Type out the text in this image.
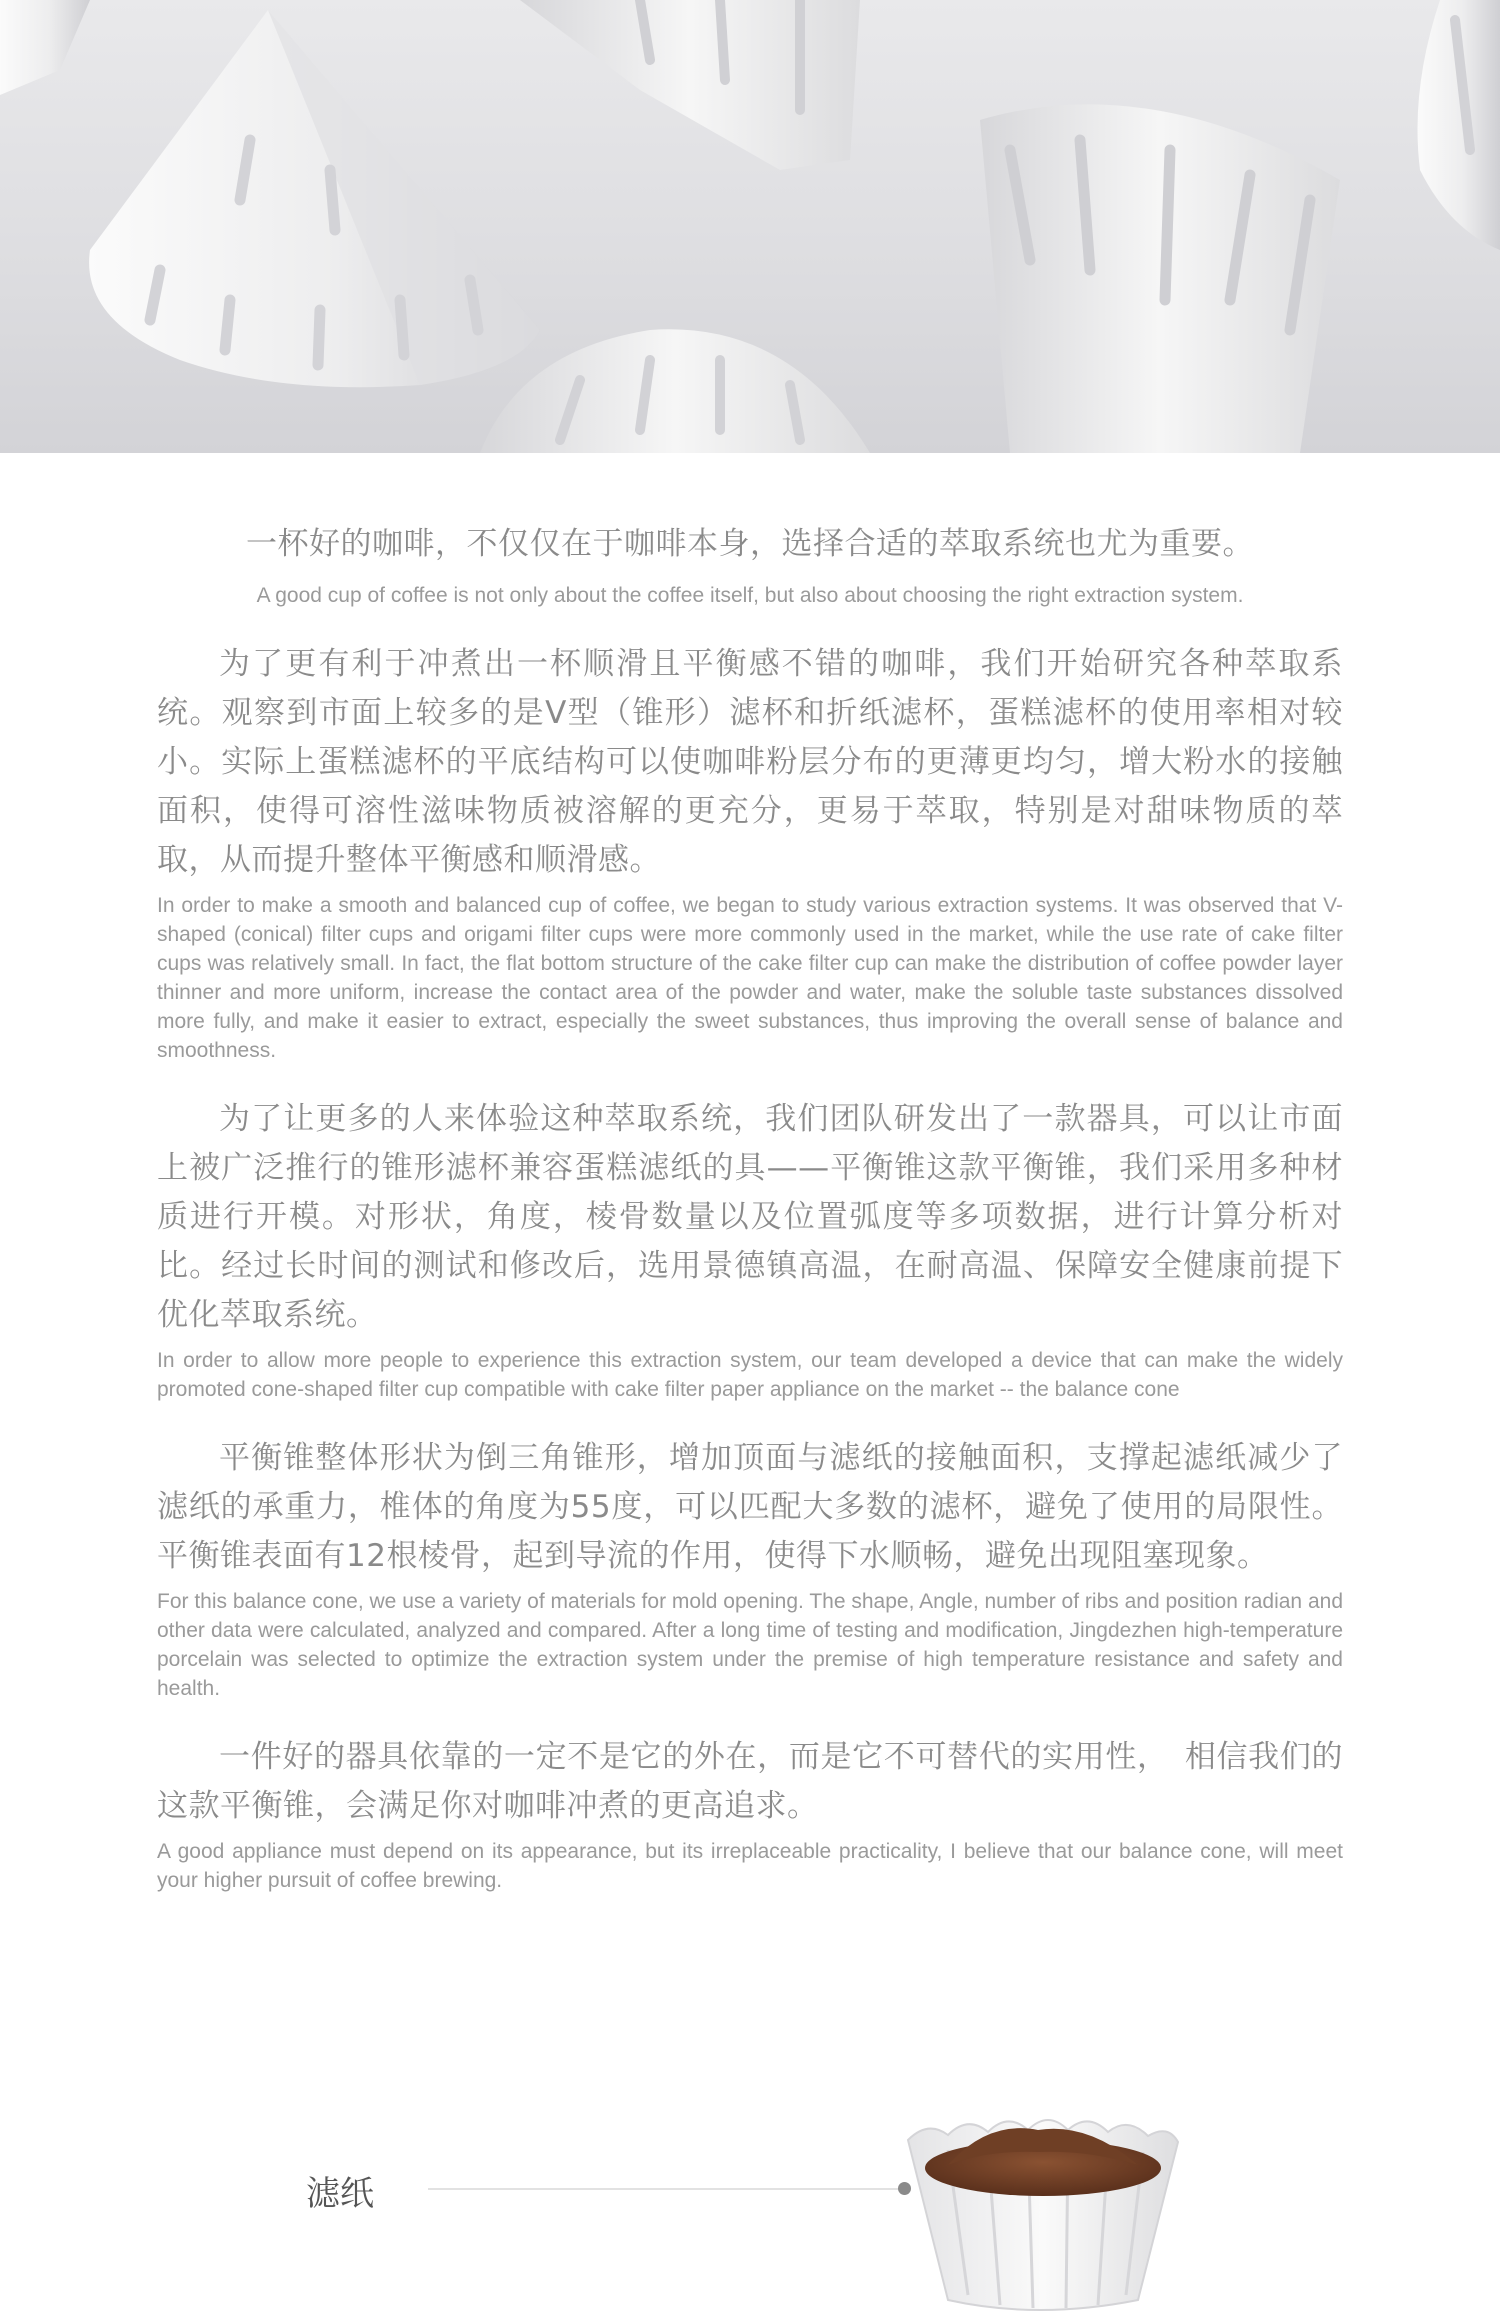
一杯好的咖啡，不仅仅在于咖啡本身，选择合适的萃取系统也尤为重要。

A good cup of coffee is not only about the coffee itself, but also about choosing the right extraction system.

为了更有利于冲煮出一杯顺滑且平衡感不错的咖啡，我们开始研究各种萃取系统。观察到市面上较多的是V型（锥形）滤杯和折纸滤杯，蛋糕滤杯的使用率相对较小。实际上蛋糕滤杯的平底结构可以使咖啡粉层分布的更薄更均匀，增大粉水的接触面积，使得可溶性滋味物质被溶解的更充分，更易于萃取，特别是对甜味物质的萃取，从而提升整体平衡感和顺滑感。

In order to make a smooth and balanced cup of coffee, we began to study various extraction systems. It was observed that V-shaped (conical) filter cups and origami filter cups were more commonly used in the market, while the use rate of cake filter cups was relatively small. In fact, the flat bottom structure of the cake filter cup can make the distribution of coffee powder layer thinner and more uniform, increase the contact area of the powder and water, make the soluble taste substances dissolved more fully, and make it easier to extract, especially the sweet substances, thus improving the overall sense of balance and smoothness.

为了让更多的人来体验这种萃取系统，我们团队研发出了一款器具，可以让市面上被广泛推行的锥形滤杯兼容蛋糕滤纸的具——平衡锥这款平衡锥，我们采用多种材质进行开模。对形状，角度，棱骨数量以及位置弧度等多项数据，进行计算分析对比。经过长时间的测试和修改后，选用景德镇高温，在耐高温、保障安全健康前提下优化萃取系统。

In order to allow more people to experience this extraction system, our team developed a device that can make the widely promoted cone-shaped filter cup compatible with cake filter paper appliance on the market -- the balance cone

平衡锥整体形状为倒三角锥形，增加顶面与滤纸的接触面积，支撑起滤纸减少了滤纸的承重力，椎体的角度为55度，可以匹配大多数的滤杯，避免了使用的局限性。平衡锥表面有12根棱骨，起到导流的作用，使得下水顺畅，避免出现阻塞现象。

For this balance cone, we use a variety of materials for mold opening. The shape, Angle, number of ribs and position radian and other data were calculated, analyzed and compared. After a long time of testing and modification, Jingdezhen high-temperature porcelain was selected to optimize the extraction system under the premise of high temperature resistance and safety and health.

一件好的器具依靠的一定不是它的外在，而是它不可替代的实用性，　相信我们的这款平衡锥，会满足你对咖啡冲煮的更高追求。

A good appliance must depend on its appearance, but its irreplaceable practicality, I believe that our balance cone, will meet your higher pursuit of coffee brewing.

滤纸
